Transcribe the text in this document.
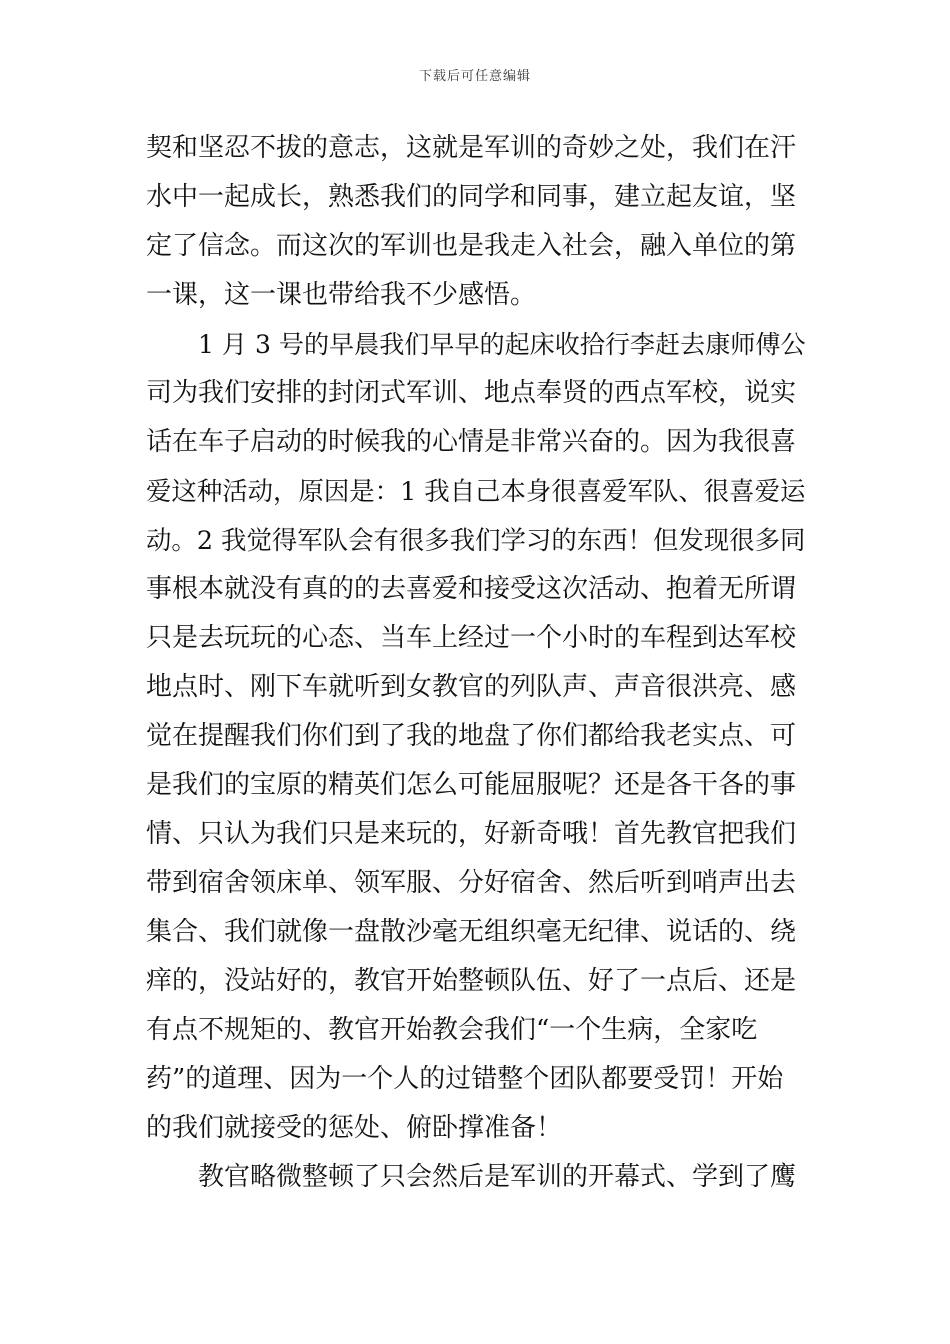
下载后可任意编辑
契和坚忍不拔的意志，这就是军训的奇妙之处，我们在汗
水中一起成长，熟悉我们的同学和同事，建立起友谊，坚
定了信念。而这次的军训也是我走入社会，融入单位的第
一课，这一课也带给我不少感悟。
1 月 3 号的早晨我们早早的起床收拾行李赶去康师傅公
司为我们安排的封闭式军训、地点奉贤的西点军校，说实
话在车子启动的时候我的心情是非常兴奋的。因为我很喜
爱这种活动，原因是：1 我自己本身很喜爱军队、很喜爱运
动。2 我觉得军队会有很多我们学习的东西！但发现很多同
事根本就没有真的的去喜爱和接受这次活动、抱着无所谓
只是去玩玩的心态、当车上经过一个小时的车程到达军校
地点时、刚下车就听到女教官的列队声、声音很洪亮、感
觉在提醒我们你们到了我的地盘了你们都给我老实点、可
是我们的宝原的精英们怎么可能屈服呢？还是各干各的事
情、只认为我们只是来玩的，好新奇哦！首先教官把我们
带到宿舍领床单、领军服、分好宿舍、然后听到哨声出去
集合、我们就像一盘散沙毫无组织毫无纪律、说话的、绕
痒的，没站好的，教官开始整顿队伍、好了一点后、还是
有点不规矩的、教官开始教会我们“一个生病，全家吃
药”的道理、因为一个人的过错整个团队都要受罚！开始
的我们就接受的惩处、俯卧撑准备！
教官略微整顿了只会然后是军训的开幕式、学到了鹰
